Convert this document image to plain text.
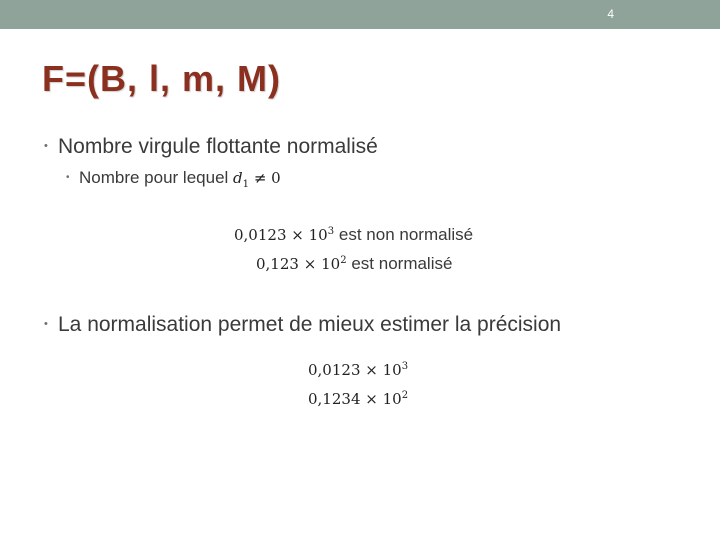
4
F=(B, l, m, M)
• Nombre virgule flottante normalisé
• Nombre pour lequel $d_1 \ne 0$
$0,0123 \times 10^3$ est non normalisé
$0,123 \times 10^2$ est normalisé
• La normalisation permet de mieux estimer la précision
$0,0123 \times 10^3$
$0,1234 \times 10^2$
